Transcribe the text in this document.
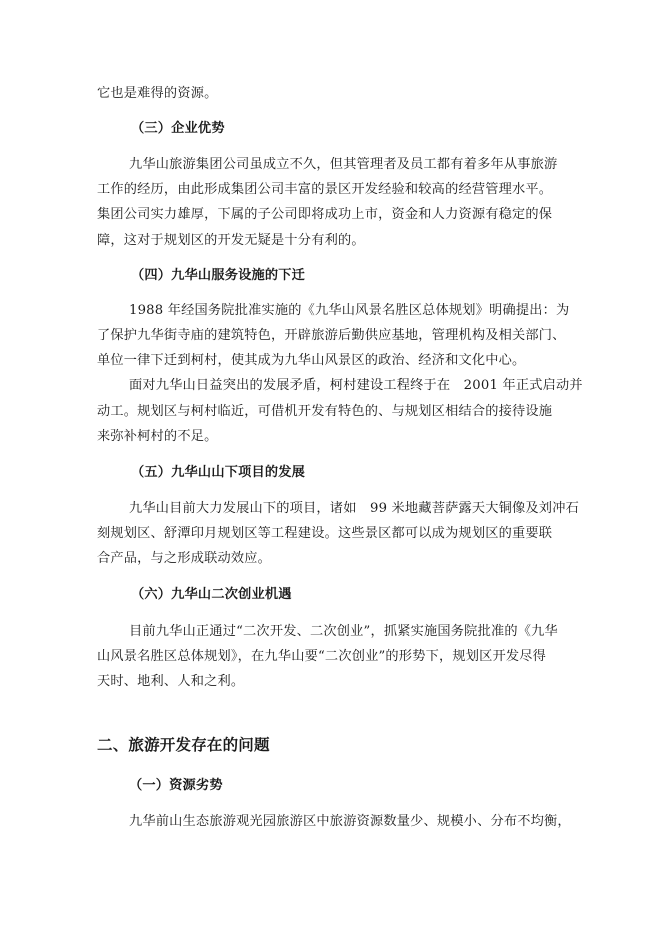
它也是难得的资源。
（三）企业优势
九华山旅游集团公司虽成立不久，但其管理者及员工都有着多年从事旅游
工作的经历，由此形成集团公司丰富的景区开发经验和较高的经营管理水平。
集团公司实力雄厚，下属的子公司即将成功上市，资金和人力资源有稳定的保
障，这对于规划区的开发无疑是十分有利的。
（四）九华山服务设施的下迁
1988 年经国务院批准实施的《九华山风景名胜区总体规划》明确提出：为
了保护九华街寺庙的建筑特色，开辟旅游后勤供应基地，管理机构及相关部门、
单位一律下迁到柯村，使其成为九华山风景区的政治、经济和文化中心。
面对九华山日益突出的发展矛盾，柯村建设工程终于在　2001 年正式启动并
动工。规划区与柯村临近，可借机开发有特色的、与规划区相结合的接待设施
来弥补柯村的不足。
（五）九华山山下项目的发展
九华山目前大力发展山下的项目，诸如　99 米地藏菩萨露天大铜像及刘冲石
刻规划区、舒潭印月规划区等工程建设。这些景区都可以成为规划区的重要联
合产品，与之形成联动效应。
（六）九华山二次创业机遇
目前九华山正通过“二次开发、二次创业”，抓紧实施国务院批准的《九华
山风景名胜区总体规划》，在九华山要“二次创业”的形势下，规划区开发尽得
天时、地利、人和之利。
二、旅游开发存在的问题
（一）资源劣势
九华前山生态旅游观光园旅游区中旅游资源数量少、规模小、分布不均衡，
